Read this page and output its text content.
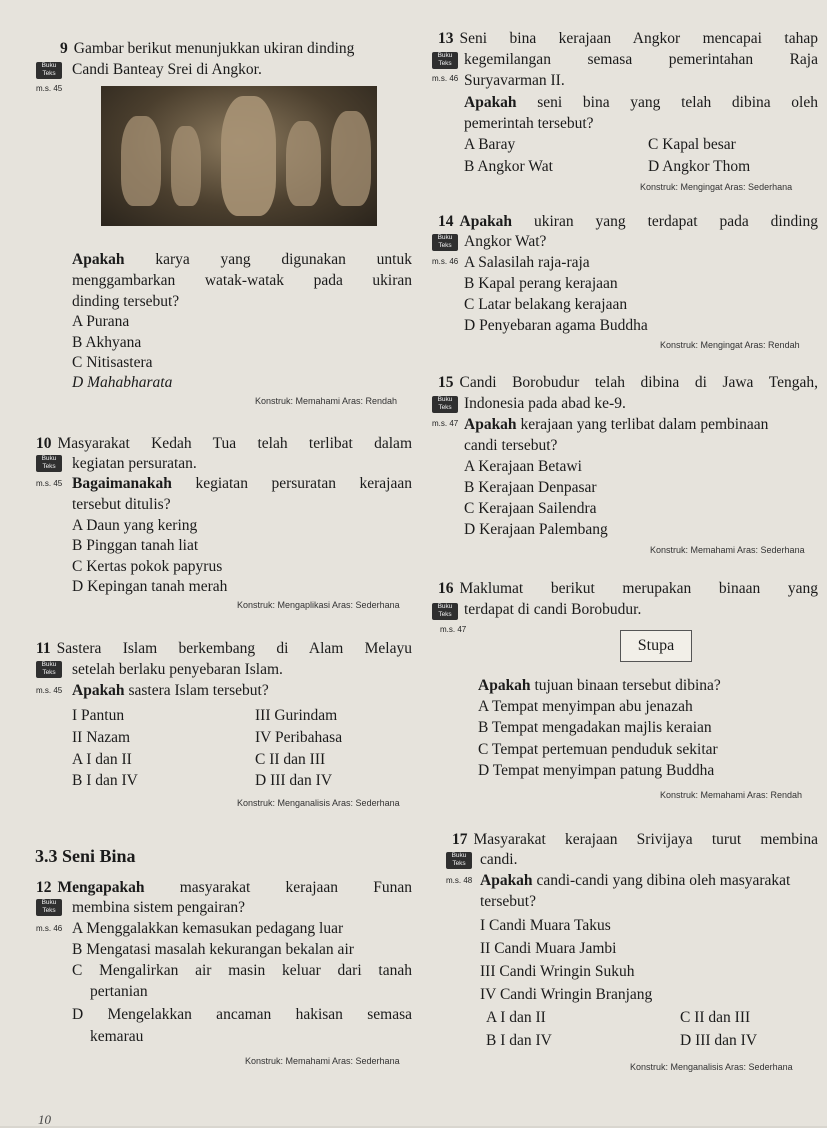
9 Gambar berikut menunjukkan ukiran dinding
Buku Teks
m.s. 45
Candi Banteay Srei di Angkor.
Apakah karya yang digunakan untuk
menggambarkan watak-watak pada ukiran
dinding tersebut?
A Purana
B Akhyana
C Nitisastera
D Mahabharata
Konstruk: Memahami Aras: Rendah
10 Masyarakat Kedah Tua telah terlibat dalam
Buku Teks	kegiatan persuratan.
m.s. 45 Bagaimanakah kegiatan persuratan kerajaan
tersebut ditulis?
A Daun yang kering
B Pinggan tanah liat
C Kertas pokok papyrus
D Kepingan tanah merah
Konstruk: Mengaplikasi Aras: Sederhana
11 Sastera Islam berkembang di Alam Melayu
Buku Teks	setelah berlaku penyebaran Islam.
m.s. 45 Apakah sastera Islam tersebut?
I Pantun	III Gurindam
II Nazam	IV Peribahasa
A I dan II	C II dan III
B I dan IV	D III dan IV
Konstruk: Menganalisis Aras: Sederhana
3.3 Seni Bina
12 Mengapakah masyarakat kerajaan Funan
Buku Teks	membina sistem pengairan?
m.s. 46 A Menggalakkan kemasukan pedagang luar
B Mengatasi masalah kekurangan bekalan air
C Mengalirkan air masin keluar dari tanah
pertanian
D Mengelakkan ancaman hakisan semasa
kemarau
Konstruk: Memahami Aras: Sederhana
13 Seni bina kerajaan Angkor mencapai tahap
Buku Teks kegemilangan semasa pemerintahan Raja
m.s. 46 Suryavarman II.
Apakah seni bina yang telah dibina oleh
pemerintah tersebut?
A Baray	C Kapal besar
B Angkor Wat	D Angkor Thom
Konstruk: Mengingat Aras: Sederhana
14 Apakah ukiran yang terdapat pada dinding
Buku Teks Angkor Wat?
m.s. 46 A Salasilah raja-raja
B Kapal perang kerajaan
C Latar belakang kerajaan
D Penyebaran agama Buddha
Konstruk: Mengingat Aras: Rendah
15 Candi Borobudur telah dibina di Jawa Tengah,
Buku Teks Indonesia pada abad ke-9.
m.s. 47 Apakah kerajaan yang terlibat dalam pembinaan
candi tersebut?
A Kerajaan Betawi
B Kerajaan Denpasar
C Kerajaan Sailendra
D Kerajaan Palembang
Konstruk: Memahami Aras: Sederhana
16 Maklumat berikut merupakan binaan yang
Buku Teks terdapat di candi Borobudur.
m.s. 47
Stupa
Apakah tujuan binaan tersebut dibina?
A Tempat menyimpan abu jenazah
B Tempat mengadakan majlis keraian
C Tempat pertemuan penduduk sekitar
D Tempat menyimpan patung Buddha
Konstruk: Memahami Aras: Rendah
17 Masyarakat kerajaan Srivijaya turut membina
Buku Teks candi.
m.s. 48 Apakah candi-candi yang dibina oleh masyarakat
tersebut?
I Candi Muara Takus
II Candi Muara Jambi
III Candi Wringin Sukuh
IV Candi Wringin Branjang
A I dan II	C II dan III
B I dan IV	D III dan IV
Konstruk: Menganalisis Aras: Sederhana
10
